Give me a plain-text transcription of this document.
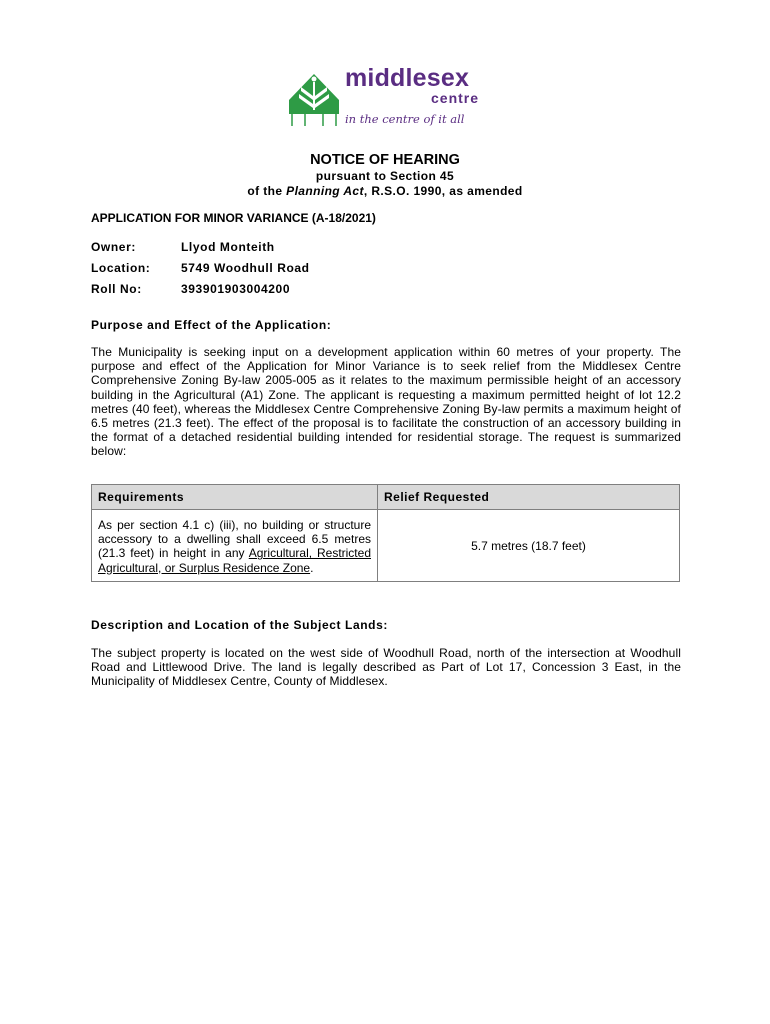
middlesex
centre
in the centre of it all
NOTICE OF HEARING
pursuant to Section 45
of the Planning Act, R.S.O. 1990, as amended
APPLICATION FOR MINOR VARIANCE (A-18/2021)
Owner:	Llyod Monteith
Location:	5749 Woodhull Road
Roll No:	393901903004200
Purpose and Effect of the Application:
The Municipality is seeking input on a development application within 60 metres of your property. The purpose and effect of the Application for Minor Variance is to seek relief from the Middlesex Centre Comprehensive Zoning By-law 2005-005 as it relates to the maximum permissible height of an accessory building in the Agricultural (A1) Zone. The applicant is requesting a maximum permitted height of lot 12.2 metres (40 feet), whereas the Middlesex Centre Comprehensive Zoning By-law permits a maximum height of 6.5 metres (21.3 feet). The effect of the proposal is to facilitate the construction of an accessory building in the format of a detached residential building intended for residential storage. The request is summarized below:
Requirements	Relief Requested
As per section 4.1 c) (iii), no building or structure accessory to a dwelling shall exceed 6.5 metres (21.3 feet) in height in any Agricultural, Restricted Agricultural, or Surplus Residence Zone.	5.7 metres (18.7 feet)
Description and Location of the Subject Lands:
The subject property is located on the west side of Woodhull Road, north of the intersection at Woodhull Road and Littlewood Drive. The land is legally described as Part of Lot 17, Concession 3 East, in the Municipality of Middlesex Centre, County of Middlesex.
